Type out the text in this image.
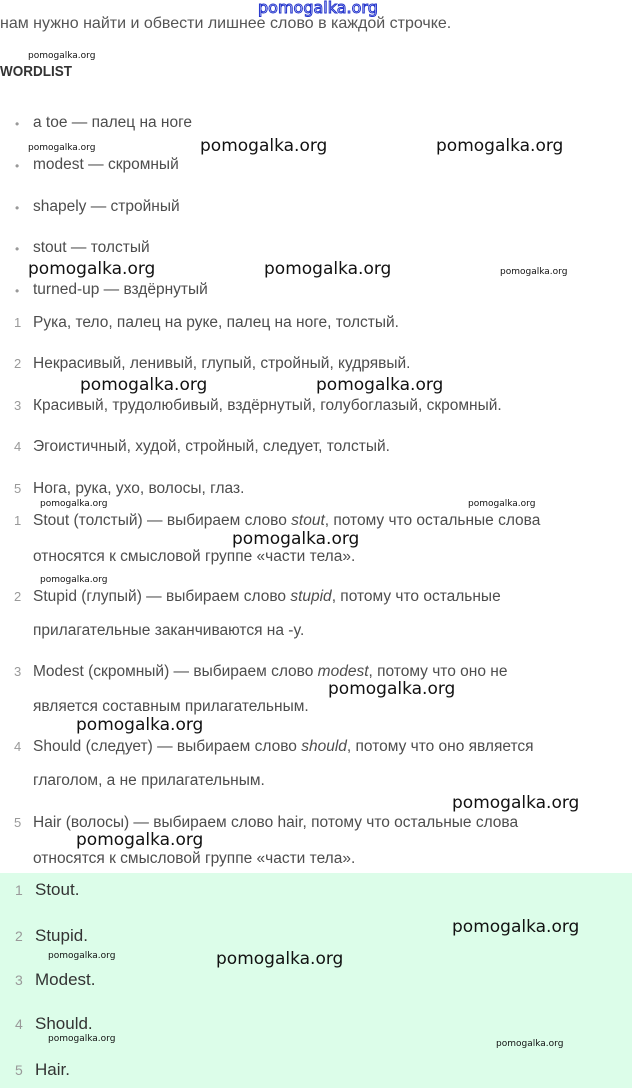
нам нужно найти и обвести лишнее слово в каждой строчке.
WORDLIST
• a toe — палец на ноге
• modest — скромный
• shapely — стройный
• stout — толстый
• turned-up — вздёрнутый
1 Рука, тело, палец на руке, палец на ноге, толстый.
2 Некрасивый, ленивый, глупый, стройный, кудрявый.
3 Красивый, трудолюбивый, вздёрнутый, голубоглазый, скромный.
4 Эгоистичный, худой, стройный, следует, толстый.
5 Нога, рука, ухо, волосы, глаз.
1 Stout (толстый) — выбираем слово stout, потому что остальные слова
относятся к смысловой группе «части тела».
2 Stupid (глупый) — выбираем слово stupid, потому что остальные
прилагательные заканчиваются на -y.
3 Modest (скромный) — выбираем слово modest, потому что оно не
является составным прилагательным.
4 Should (следует) — выбираем слово should, потому что оно является
глаголом, а не прилагательным.
5 Hair (волосы) — выбираем слово hair, потому что остальные слова
относятся к смысловой группе «части тела».
1 Stout.
2 Stupid.
3 Modest.
4 Should.
5 Hair.
pomogalka.org
pomogalka.org
pomogalka.org	pomogalka.org	pomogalka.org
pomogalka.org	pomogalka.org	pomogalka.org
pomogalka.org	pomogalka.org
pomogalka.org	pomogalka.org
pomogalka.org
pomogalka.org
pomogalka.org
pomogalka.org
pomogalka.org
pomogalka.org
pomogalka.org
pomogalka.org	pomogalka.org
pomogalka.org	pomogalka.org
